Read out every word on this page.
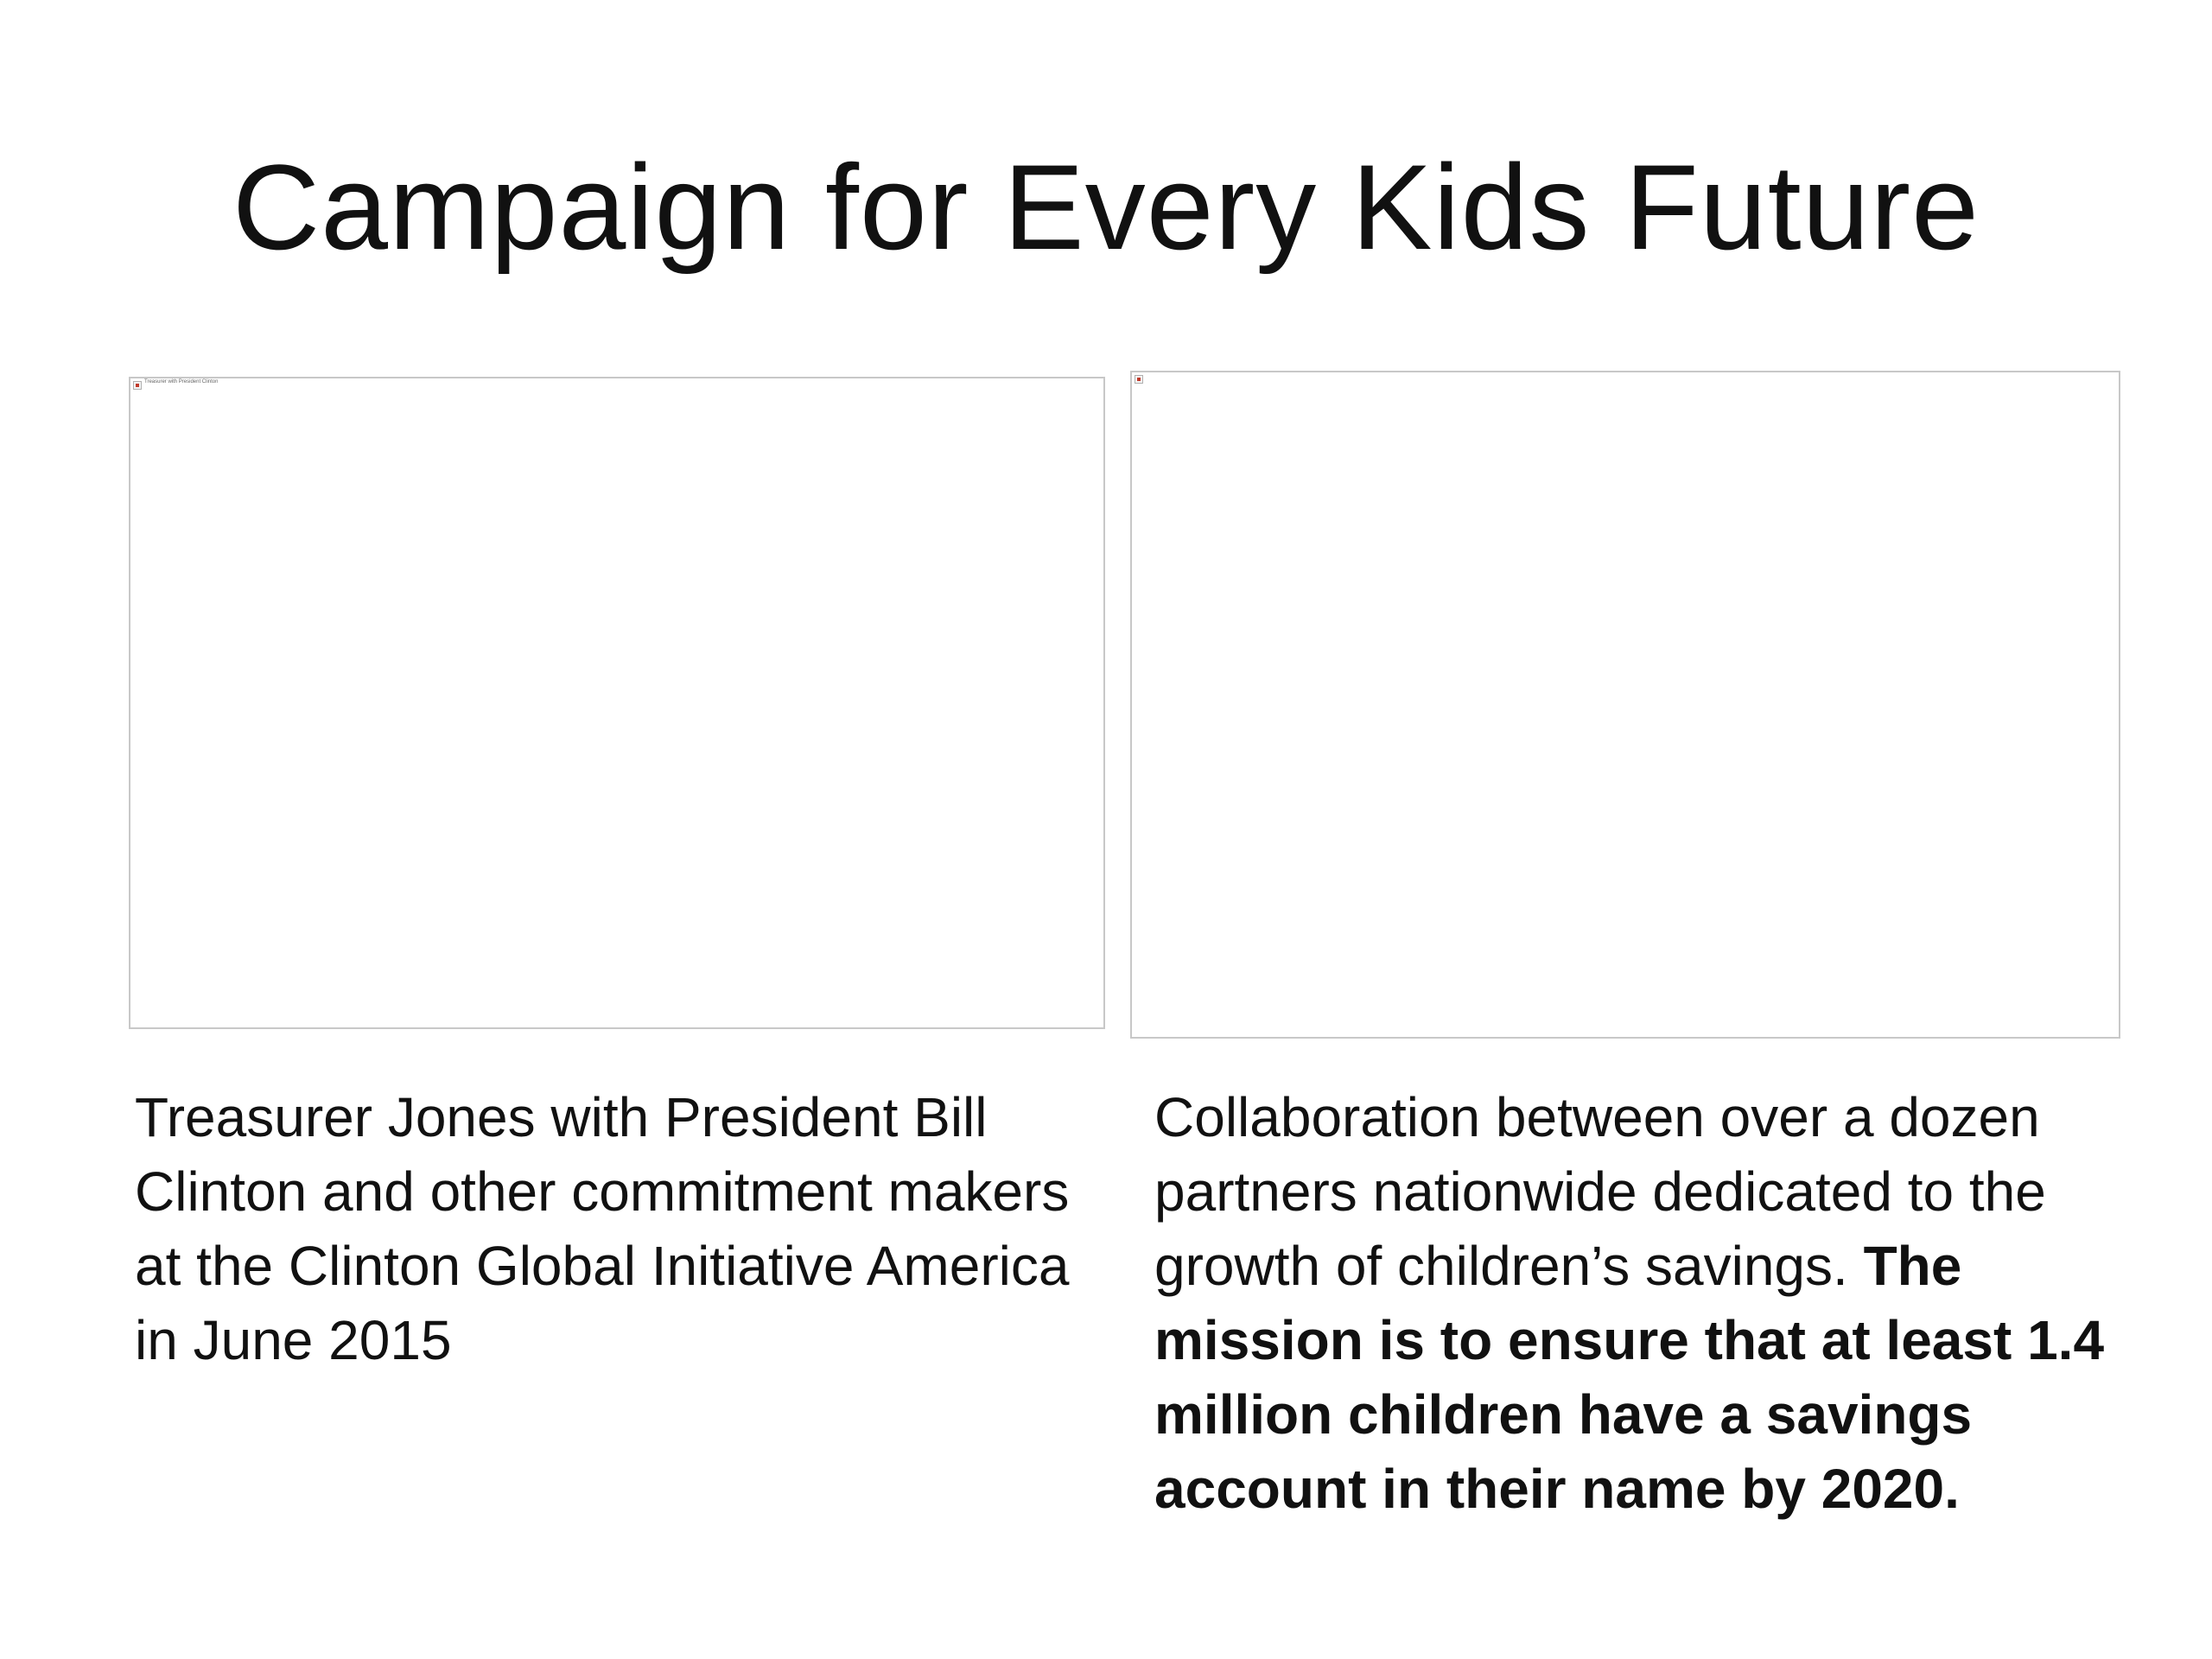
Campaign for Every Kids Future
Treasurer with President Clinton

Treasurer Jones with President Bill Clinton and other commitment makers at the Clinton Global Initiative America in June 2015

Collaboration between over a dozen partners nationwide dedicated to the growth of children’s savings. The mission is to ensure that at least 1.4 million children have a savings account in their name by 2020.
